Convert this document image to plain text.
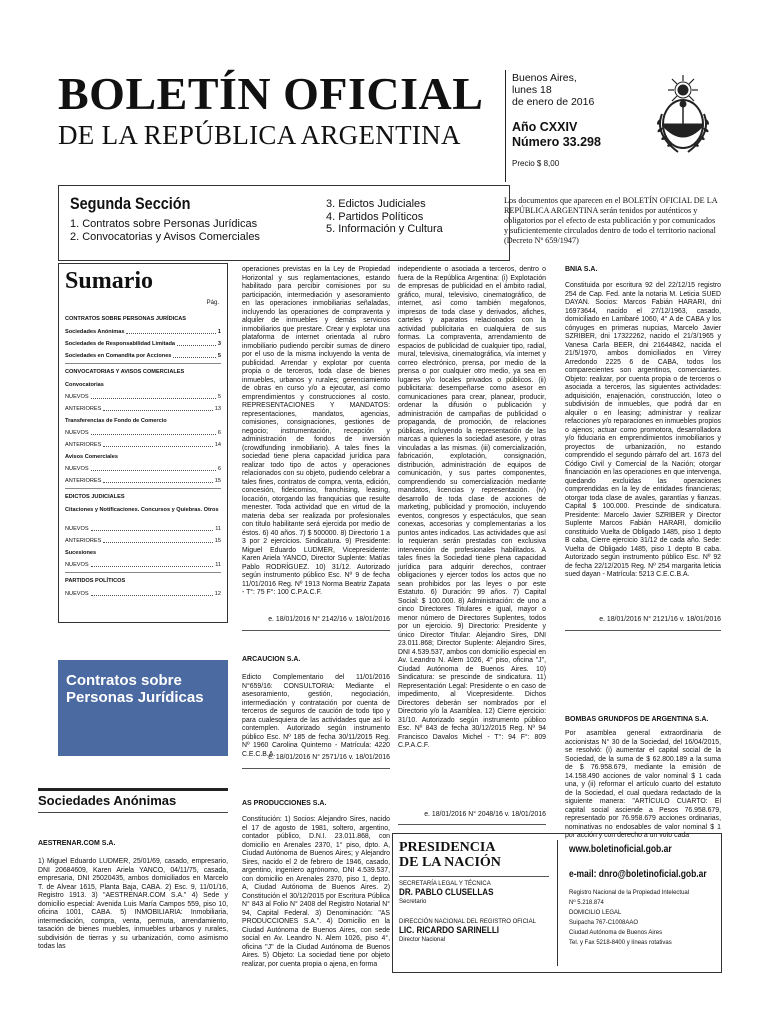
BOLETÍN OFICIAL
DE LA REPÚBLICA ARGENTINA
Buenos Aires,
lunes 18
de enero de 2016
Año CXXIV
Número 33.298
Precio $ 8,00
Segunda Sección
1. Contratos sobre Personas Jurídicas
2. Convocatorias y Avisos Comerciales
3. Edictos Judiciales
4. Partidos Políticos
5. Información y Cultura
Los documentos que aparecen en el BOLETÍN OFICIAL DE LA REPÚBLICA ARGENTINA serán tenidos por auténticos y obligatorios por el efecto de esta publicación y por comunicados y suficientemente circulados dentro de todo el territorio nacional (Decreto Nº 659/1947)
Sumario
Pág.
CONTRATOS SOBRE PERSONAS JURÍDICAS
Sociedades Anónimas	1
Sociedades de Responsabilidad Limitada	3
Sociedades en Comandita por Acciones	5
CONVOCATORIAS Y AVISOS COMERCIALES
Convocatorias
NUEVOS	5
ANTERIORES	13
Transferencias de Fondo de Comercio
NUEVOS	6
ANTERIORES	14
Avisos Comerciales
NUEVOS	6
ANTERIORES	15
EDICTOS JUDICIALES
Citaciones y Notificaciones. Concursos y Quiebras. Otros
NUEVOS	11
ANTERIORES	15
Sucesiones
NUEVOS	11
PARTIDOS POLÍTICOS
NUEVOS	12
Contratos sobre
Personas Jurídicas
Sociedades Anónimas
AESTRENAR.COM S.A.
1) Miguel Eduardo LUDMER, 25/01/69, casado, empresario, DNI 20684609, Karen Ariela YANCO, 04/11/75, casada, empresaria, DNI 25020435, ambos domiciliados en Marcelo T. de Alvear 1615, Planta Baja, CABA. 2) Esc. 9, 11/01/16, Registro 1913. 3) "AESTRENAR.COM S.A." 4) Sede y domicilio especial: Avenida Luis María Campos 559, piso 10, oficina 1001, CABA. 5) INMOBILIARIA: Inmobiliaria, intermediación, compra, venta, permuta, arrendamiento, tasación de bienes muebles, inmuebles urbanos y rurales, subdivisión de tierras y su urbanización, como asimismo todas las
operaciones previstas en la Ley de Propiedad Horizontal y sus reglamentaciones, estando habilitado para percibir comisiones por su participación, intermediación y asesoramiento en las operaciones inmobiliarias señaladas, incluyendo las operaciones de compraventa y alquiler de inmuebles y demás servicios inmobiliarios que prestare. Crear y explotar una plataforma de internet orientada al rubro inmobiliario pudiendo percibir sumas de dinero por el uso de la misma incluyendo la venta de publicidad. Arrendar y explotar por cuenta propia o de terceros, toda clase de bienes inmuebles, urbanos y rurales; gerenciamiento de obras en curso y/o a ejecutar, así como emprendimientos y construcciones al costo. REPRESENTACIONES Y MANDATOS: representaciones, mandatos, agencias, comisiones, consignaciones, gestiones de negocio; instrumentación, recepción y administración de fondos de inversión (crowdfunding inmobiliario). A tales fines la sociedad tiene plena capacidad jurídica para realizar todo tipo de actos y operaciones relacionados con su objeto, pudiendo celebrar a tales fines, contratos de compra, venta, edición, concesión, fideicomiso, franchising, leasing, locación, otorgando las franquicias que resulte menester. Toda actividad que en virtud de la materia deba ser realizada por profesionales con título habilitante será ejercida por medio de éstos. 6) 40 años. 7) $ 500000. 8) Directorio 1 a 3 por 2 ejercicios. Sindicatura. 9) Presidente: Miguel Eduardo LUDMER, Vicepresidente: Karen Ariela YANCO, Director Suplente: Matías Pablo RODRÍGUEZ. 10) 31/12. Autorizado según instrumento público Esc. Nº 9 de fecha 11/01/2016 Reg. Nº 1913 Norma Beatriz Zapata - T°: 75 F°: 100 C.P.A.C.F.
e. 18/01/2016 N° 2142/16 v. 18/01/2016
ARCAUCION S.A.
Edicto Complementario del 11/01/2016 N°659/16: CONSULTORIA: Mediante el asesoramiento, gestión, negociación, intermediación y contratación por cuenta de terceros de seguros de caución de todo tipo y para cualesquiera de las actividades que así lo contemplen. Autorizado según instrumento público Esc. Nº 185 de fecha 30/11/2015 Reg. Nº 1960 Carolina Quinterno - Matrícula: 4220 C.E.C.B.A.
e. 18/01/2016 N° 2571/16 v. 18/01/2016
AS PRODUCCIONES S.A.
Constitución: 1) Socios: Alejandro Sires, nacido el 17 de agosto de 1981, soltero, argentino, contador público, D.N.I. 23.011.868, con domicilio en Arenales 2370, 1° piso, dpto. A, Ciudad Autónoma de Buenos Aires; y Alejandro Sires, nacido el 2 de febrero de 1946, casado, argentino, ingeniero agrónomo, DNI 4.539.537, con domicilio en Arenales 2370, piso 1, depto. A, Ciudad Autónoma de Buenos Aires. 2) Constitución el 30/12/2015 por Escritura Pública N° 843 al Folio N° 2408 del Registro Notarial N° 94, Capital Federal. 3) Denominación: "AS PRODUCCIONES S.A.". 4) Domicilio en la Ciudad Autónoma de Buenos Aires, con sede social en Av. Leandro N. Alem 1026, piso 4°, oficina "J" de la Ciudad Autónoma de Buenos Aires. 5) Objeto: La sociedad tiene por objeto realizar, por cuenta propia o ajena, en forma
independiente o asociada a terceros, dentro o fuera de la República Argentina: (i) Explotación de empresas de publicidad en el ámbito radial, gráfico, mural, televisivo, cinematográfico, de internet, así como también megafonos, impresos de toda clase y derivados, afiches, carteles y aparatos relacionados con la actividad publicitaria en cualquiera de sus formas. La compraventa, arrendamiento de espacios de publicidad de cualquier tipo, radial, mural, televisiva, cinematográfica, vía internet y correo electrónico, prensa, por medio de la prensa o por cualquier otro medio, ya sea en lugares y/o locales privados o públicos. (ii) publicitaria: desempeñarse como asesor en comunicaciones para crear, planear, producir, ordenar la difusión o publicación y administración de campañas de publicidad o propaganda, de promoción, de relaciones públicas, incluyendo la representación de las marcas a quienes la sociedad asesore, y otras vinculadas a las mismas. (iii) comercialización, fabricación, explotación, consignación, distribución, administración de equipos de comunicación, y sus partes componentes, comprendiendo su comercialización mediante mandatos, licencias y representación. (iv) desarrollo de toda clase de acciones de marketing, publicidad y promoción, incluyendo eventos, congresos y espectáculos, que sean conexas, accesorias y complementarias a los puntos antes indicados. Las actividades que así lo requieran serán prestadas con exclusiva intervención de profesionales habilitados. A tales fines la Sociedad tiene plena capacidad jurídica para adquirir derechos, contraer obligaciones y ejercer todos los actos que no sean prohibidos por las leyes o por este Estatuto. 6) Duración: 99 años. 7) Capital Social: $ 100.000. 8) Administración: de uno a cinco Directores Titulares e igual, mayor o menor número de Directores Suplentes, todos por un ejercicio. 9) Directorio: Presidente y único Director Titular: Alejandro Sires, DNI 23.011.868; Director Suplente: Alejandro Sires, DNI 4.539.537, ambos con domicilio especial en Av. Leandro N. Alem 1026, 4° piso, oficina "J", Ciudad Autónoma de Buenos Aires. 10) Sindicatura: se prescinde de sindicatura. 11) Representación Legal: Presidente o en caso de impedimento, al Vicepresidente. Dichos Directores deberán ser nombrados por el Directorio y/o la Asamblea. 12) Cierre ejercicio: 31/10. Autorizado según instrumento público Esc. Nº 843 de fecha 30/12/2015 Reg. Nº 94 Francisco Davalos Michel - T°: 94 F°: 809 C.P.A.C.F.
e. 18/01/2016 N° 2048/16 v. 18/01/2016
BNIA S.A.
Constituida por escritura 92 del 22/12/15 registro 254 de Cap. Fed. ante la notaria M. Leticia SUED DAYAN. Socios: Marcos Fabián HARARI, dni 16973644, nacido el 27/12/1963, casado, domiciliado en Lambaré 1060, 4° A de CABA y los cónyuges en primeras nupcias, Marcelo Javier SZRIBER, dni 17322262, nacido el 21/3/1965 y Vanesa Carla BEER, dni 21644842, nacida el 21/5/1970, ambos domiciliados en Virrey Arredondo 2225 6 de CABA, todos los comparecientes son argentinos, comerciantes. Objeto: realizar, por cuenta propia o de terceros o asociada a terceros, las siguientes actividades: adquisición, enajenación, construcción, loteo o subdivisión de inmuebles, que podrá dar en alquiler o en leasing; administrar y realizar refacciones y/o reparaciones en inmuebles propios o ajenos; actuar como promotora, desarrolladora y/o fiduciaria en emprendimientos inmobiliarios y proyectos de urbanización, no estando comprendido el segundo párrafo del art. 1673 del Código Civil y Comercial de la Nación; otorgar financiación en las operaciones en que intervenga, quedando excluidas las operaciones comprendidas en la ley de entidades financieras; otorgar toda clase de avales, garantías y fianzas. Capital $ 100.000. Prescinde de sindicatura. Presidente: Marcelo Javier SZRIBER y Director Suplente Marcos Fabián HARARI, domicilio constituido Vuelta de Obligado 1485, piso 1 depto B caba, Cierre ejercicio 31/12 de cada año. Sede: Vuelta de Obligado 1485, piso 1 depto B caba. Autorizado según instrumento público Esc. Nº 92 de fecha 22/12/2015 Reg. Nº 254 margarita leticia sued dayan - Matrícula: 5213 C.E.C.B.A.
e. 18/01/2016 N° 2121/16 v. 18/01/2016
BOMBAS GRUNDFOS DE ARGENTINA S.A.
Por asamblea general extraordinaria de accionistas N° 30 de la Sociedad, del 16/04/2015, se resolvió: (i) aumentar el capital social de la Sociedad, de la suma de $ 62.800.189 a la suma de $ 76.958.679, mediante la emisión de 14.158.490 acciones de valor nominal $ 1 cada una, y (ii) reformar el artículo cuarto del estatuto de la Sociedad, el cual quedara redactado de la siguiente manera: "ARTÍCULO CUARTO: El capital social asciende a Pesos 76.958.679, representado por 76.958.679 acciones ordinarias, nominativas no endosables de valor nominal $ 1 por acción y con derecho a un voto cada
PRESIDENCIA
DE LA NACIÓN
SECRETARÍA LEGAL Y TÉCNICA
DR. PABLO CLUSELLAS
Secretario
DIRECCIÓN NACIONAL DEL REGISTRO OFICIAL
LIC. RICARDO SARINELLI
Director Nacional
www.boletinoficial.gob.ar
e-mail: dnro@boletinoficial.gob.ar
Registro Nacional de la Propiedad Intelectual
Nº 5.218.874
DOMICILIO LEGAL
Suipacha 767-C1008AAO
Ciudad Autónoma de Buenos Aires
Tel. y Fax 5218-8400 y líneas rotativas
